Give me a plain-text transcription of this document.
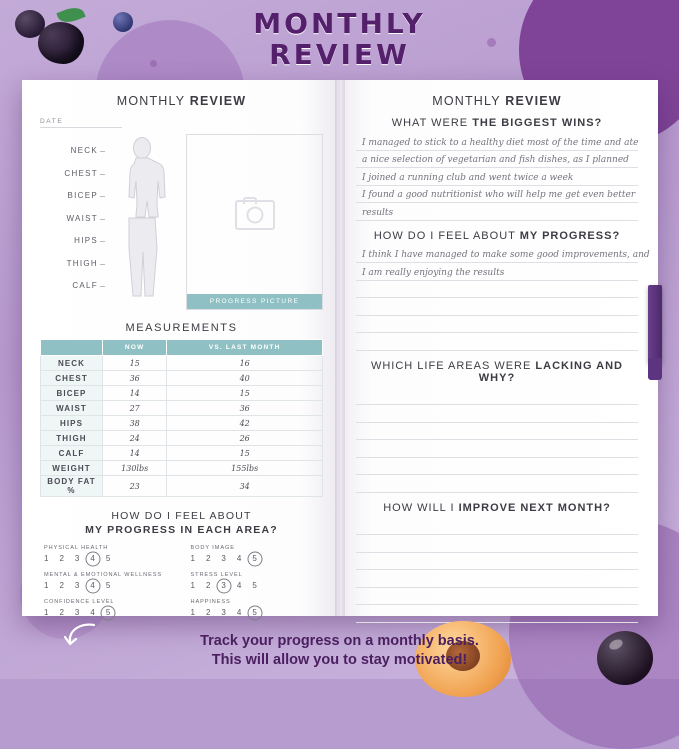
MONTHLY
REVIEW
MONTHLY REVIEW
DATE
NECK
CHEST
BICEP
WAIST
HIPS
THIGH
CALF
PROGRESS PICTURE
MEASUREMENTS
	NOW	VS. LAST MONTH
NECK	15	16
CHEST	36	40
BICEP	14	15
WAIST	27	36
HIPS	38	42
THIGH	24	26
CALF	14	15
WEIGHT	130lbs	155lbs
BODY FAT %	23	34
HOW DO I FEEL ABOUT
MY PROGRESS IN EACH AREA?
PHYSICAL HEALTH
1 2 3 4 5
MENTAL & EMOTIONAL WELLNESS
1 2 3 4 5
CONFIDENCE LEVEL
1 2 3 4 5
BODY IMAGE
1 2 3 4 5
STRESS LEVEL
1 2 3 4 5
HAPPINESS
1 2 3 4 5
MONTHLY REVIEW
WHAT WERE THE BIGGEST WINS?
I managed to stick to a healthy diet most of the time and ate
a nice selection of vegetarian and fish dishes, as I planned
I joined a running club and went twice a week
I found a good nutritionist who will help me get even better
results
HOW DO I FEEL ABOUT MY PROGRESS?
I think I have managed to make some good improvements, and
I am really enjoying the results
WHICH LIFE AREAS WERE LACKING AND WHY?
HOW WILL I IMPROVE NEXT MONTH?
Track your progress on a monthly basis.
This will allow you to stay motivated!
